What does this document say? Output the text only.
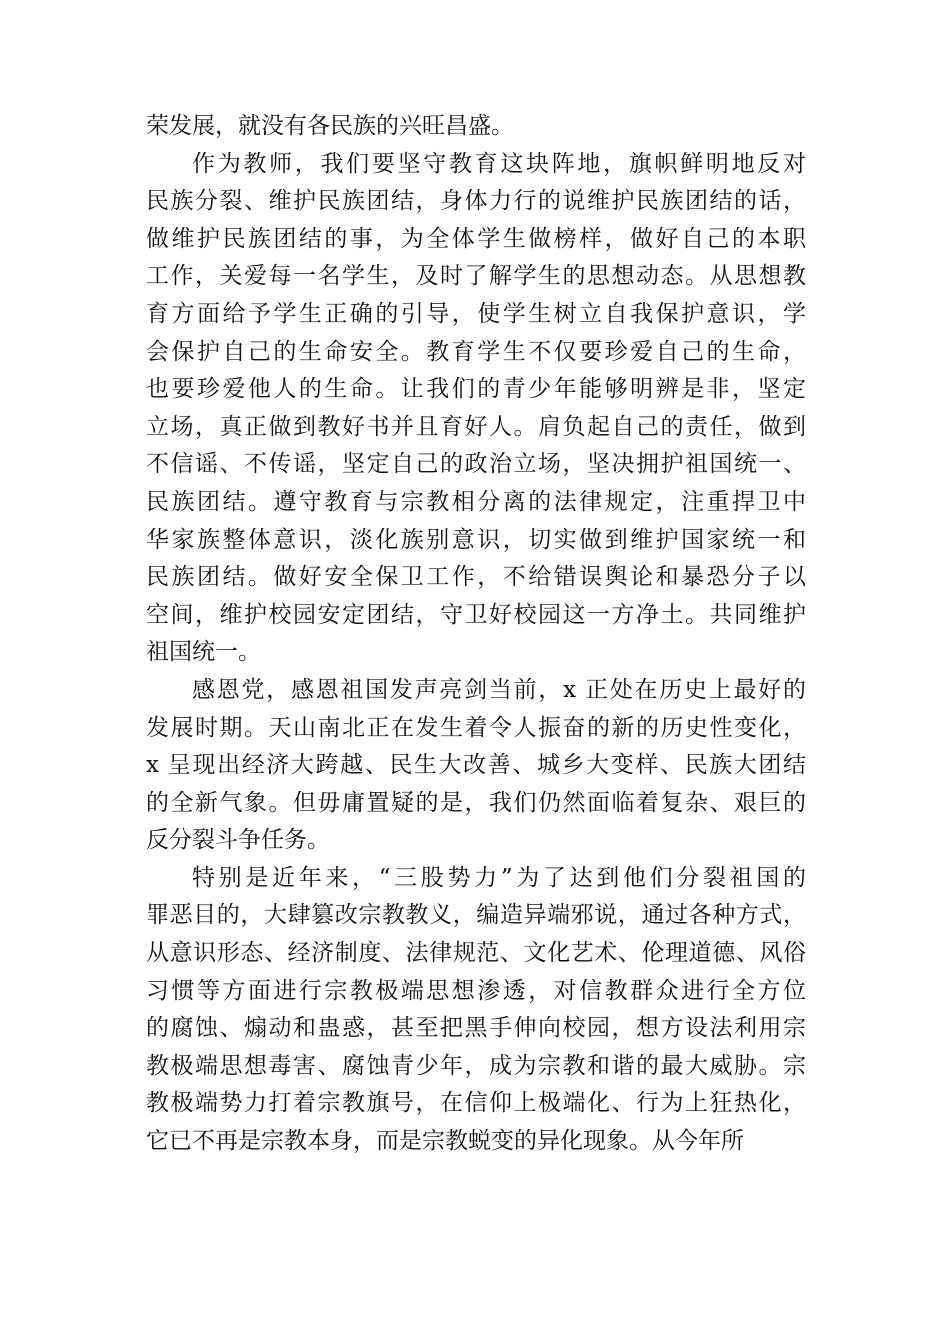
荣发展，就没有各民族的兴旺昌盛。
作为教师，我们要坚守教育这块阵地，旗帜鲜明地反对
民族分裂、维护民族团结，身体力行的说维护民族团结的话，
做维护民族团结的事，为全体学生做榜样，做好自己的本职
工作，关爱每一名学生，及时了解学生的思想动态。从思想教
育方面给予学生正确的引导，使学生树立自我保护意识，学
会保护自己的生命安全。教育学生不仅要珍爱自己的生命，
也要珍爱他人的生命。让我们的青少年能够明辨是非，坚定
立场，真正做到教好书并且育好人。肩负起自己的责任，做到
不信谣、不传谣，坚定自己的政治立场，坚决拥护祖国统一、
民族团结。遵守教育与宗教相分离的法律规定，注重捍卫中
华家族整体意识，淡化族别意识，切实做到维护国家统一和
民族团结。做好安全保卫工作，不给错误舆论和暴恐分子以
空间，维护校园安定团结，守卫好校园这一方净土。共同维护
祖国统一。
感恩党，感恩祖国发声亮剑当前，x 正处在历史上最好的
发展时期。天山南北正在发生着令人振奋的新的历史性变化，
x 呈现出经济大跨越、民生大改善、城乡大变样、民族大团结
的全新气象。但毋庸置疑的是，我们仍然面临着复杂、艰巨的
反分裂斗争任务。
特别是近年来，“三股势力”为了达到他们分裂祖国的
罪恶目的，大肆篡改宗教教义，编造异端邪说，通过各种方式，
从意识形态、经济制度、法律规范、文化艺术、伦理道德、风俗
习惯等方面进行宗教极端思想渗透，对信教群众进行全方位
的腐蚀、煽动和蛊惑，甚至把黑手伸向校园，想方设法利用宗
教极端思想毒害、腐蚀青少年，成为宗教和谐的最大威胁。宗
教极端势力打着宗教旗号，在信仰上极端化、行为上狂热化，
它已不再是宗教本身，而是宗教蜕变的异化现象。从今年所
